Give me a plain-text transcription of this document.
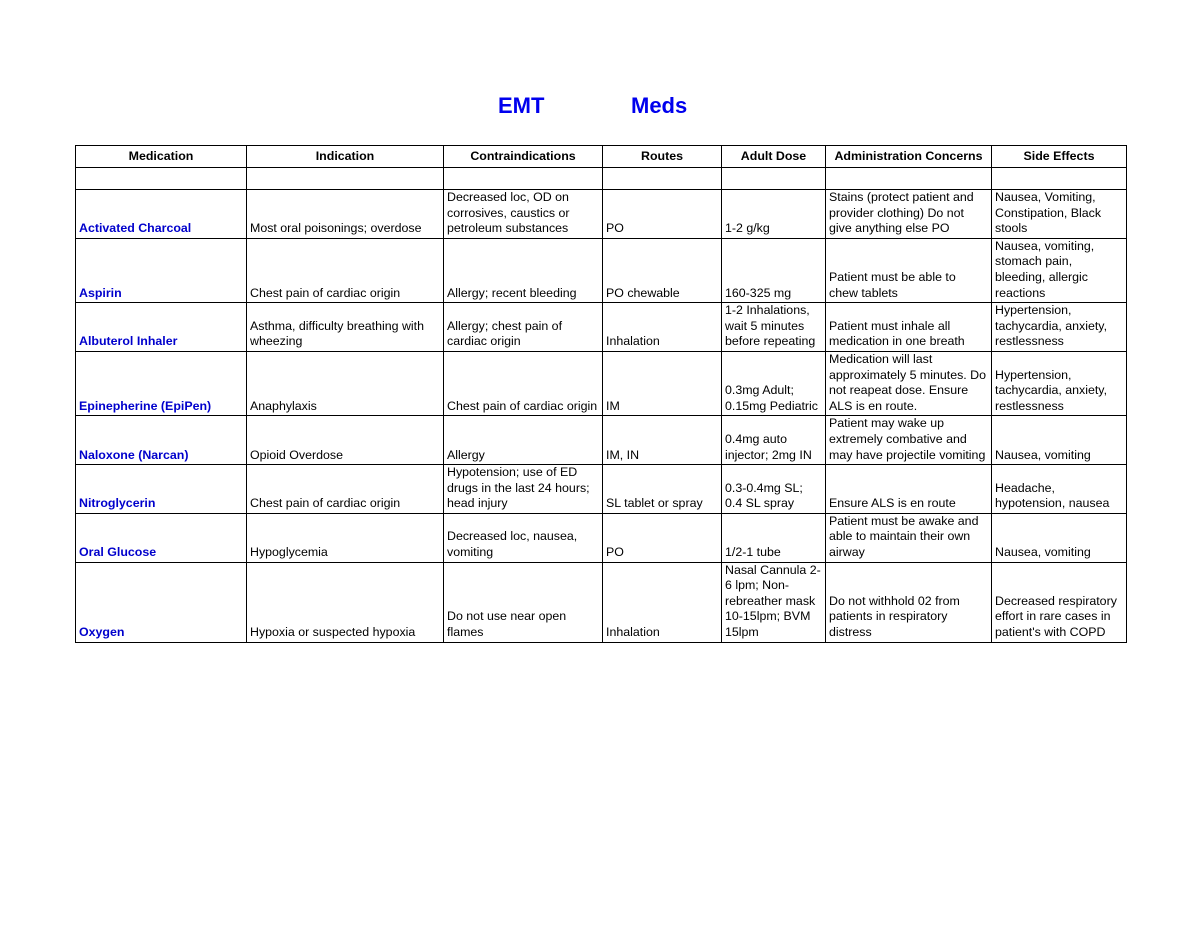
EMT	Meds
Medication	Indication	Contraindications	Routes	Adult Dose	Administration Concerns	Side Effects

Activated Charcoal	Most oral poisonings; overdose	Decreased loc, OD on corrosives, caustics or petroleum substances	PO	1-2 g/kg	Stains (protect patient and provider clothing) Do not give anything else PO	Nausea, Vomiting, Constipation, Black stools
Aspirin	Chest pain of cardiac origin	Allergy; recent bleeding	PO chewable	160-325 mg	Patient must be able to chew tablets	Nausea, vomiting, stomach pain, bleeding, allergic reactions
Albuterol Inhaler	Asthma, difficulty breathing with wheezing	Allergy; chest pain of cardiac origin	Inhalation	1-2 Inhalations, wait 5 minutes before repeating	Patient must inhale all medication in one breath	Hypertension, tachycardia, anxiety, restlessness
Epinepherine (EpiPen)	Anaphylaxis	Chest pain of cardiac origin	IM	0.3mg Adult; 0.15mg Pediatric	Medication will last approximately 5 minutes. Do not reapeat dose. Ensure ALS is en route.	Hypertension, tachycardia, anxiety, restlessness
Naloxone (Narcan)	Opioid Overdose	Allergy	IM, IN	0.4mg auto injector; 2mg IN	Patient may wake up extremely combative and may have projectile vomiting	Nausea, vomiting
Nitroglycerin	Chest pain of cardiac origin	Hypotension; use of ED drugs in the last 24 hours; head injury	SL tablet or spray	0.3-0.4mg SL; 0.4 SL spray	Ensure ALS is en route	Headache, hypotension, nausea
Oral Glucose	Hypoglycemia	Decreased loc, nausea, vomiting	PO	1/2-1 tube	Patient must be awake and able to maintain their own airway	Nausea, vomiting
Oxygen	Hypoxia or suspected hypoxia	Do not use near open flames	Inhalation	Nasal Cannula 2-6 lpm; Non-rebreather mask 10-15lpm; BVM 15lpm	Do not withhold 02 from patients in respiratory distress	Decreased respiratory effort in rare cases in patient's with COPD
